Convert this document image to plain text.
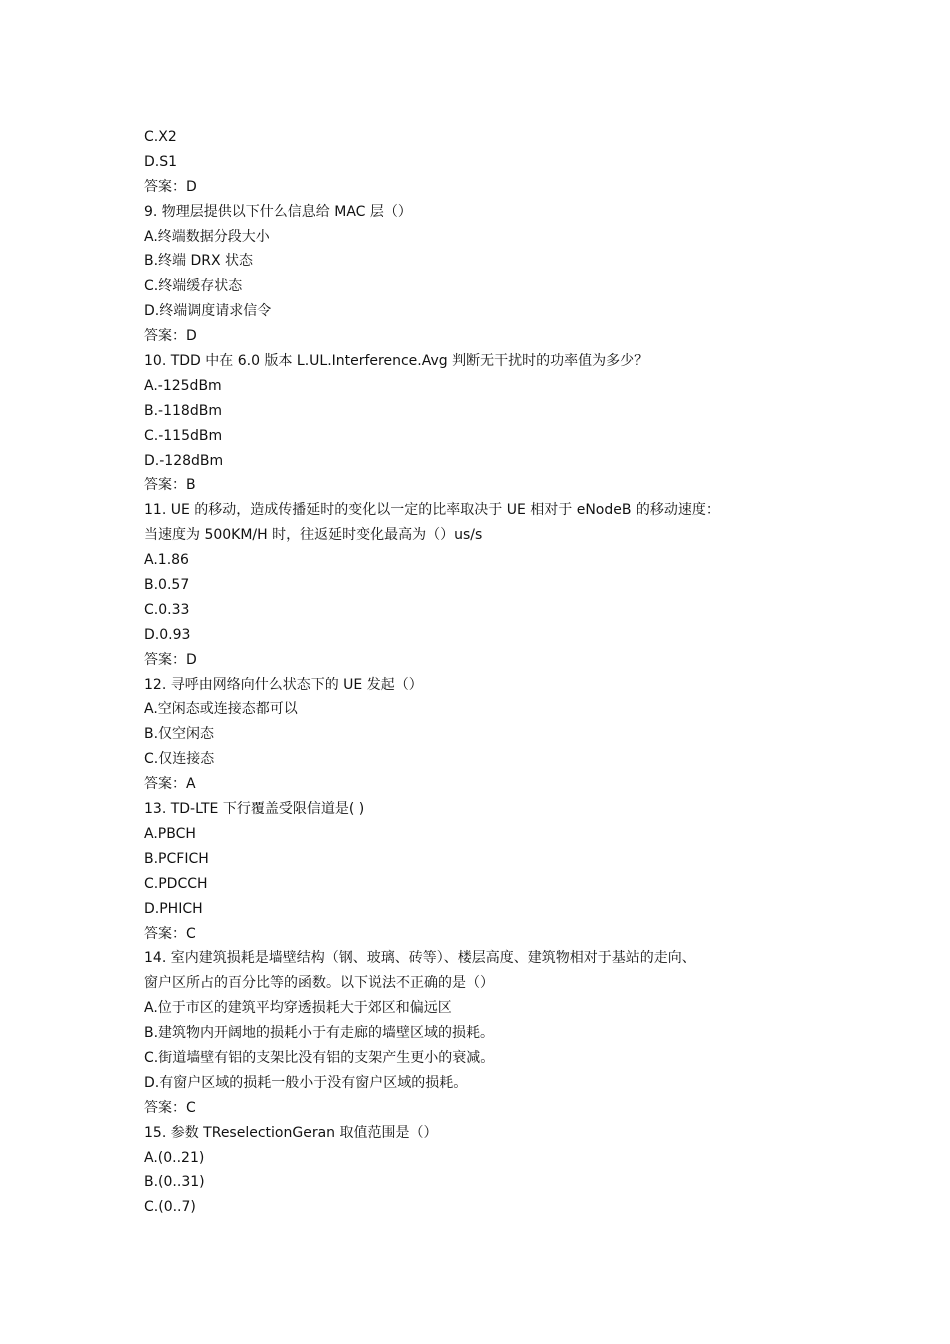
C.X2
D.S1
答案：D
9. 物理层提供以下什么信息给 MAC 层（）
A.终端数据分段大小
B.终端 DRX 状态
C.终端缓存状态
D.终端调度请求信令
答案：D
10. TDD 中在 6.0 版本 L.UL.Interference.Avg 判断无干扰时的功率值为多少？
A.-125dBm
B.-118dBm
C.-115dBm
D.-128dBm
答案：B
11. UE 的移动，造成传播延时的变化以一定的比率取决于 UE 相对于 eNodeB 的移动速度：
当速度为 500KM/H 时，往返延时变化最高为（）us/s
A.1.86
B.0.57
C.0.33
D.0.93
答案：D
12. 寻呼由网络向什么状态下的 UE 发起（）
A.空闲态或连接态都可以
B.仅空闲态
C.仅连接态
答案：A
13. TD-LTE 下行覆盖受限信道是( )
A.PBCH
B.PCFICH
C.PDCCH
D.PHICH
答案：C
14. 室内建筑损耗是墙壁结构（钢、玻璃、砖等）、楼层高度、建筑物相对于基站的走向、
窗户区所占的百分比等的函数。以下说法不正确的是（）
A.位于市区的建筑平均穿透损耗大于郊区和偏远区
B.建筑物内开阔地的损耗小于有走廊的墙壁区域的损耗。
C.街道墙壁有铝的支架比没有铝的支架产生更小的衰减。
D.有窗户区域的损耗一般小于没有窗户区域的损耗。
答案：C
15. 参数 TReselectionGeran 取值范围是（）
A.(0..21)
B.(0..31)
C.(0..7)
